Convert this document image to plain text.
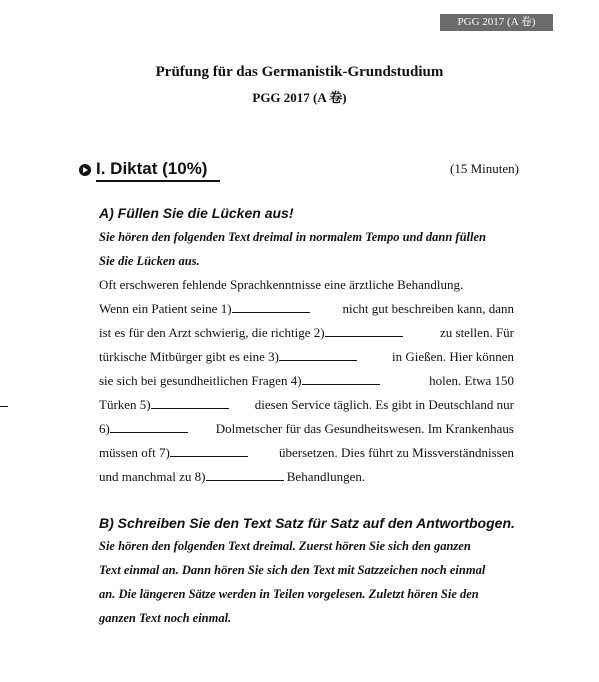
PGG 2017 (A 卷)
Prüfung für das Germanistik-Grundstudium
PGG 2017 (A 卷)
I. Diktat (10%)	(15 Minuten)
A) Füllen Sie die Lücken aus!
Sie hören den folgenden Text dreimal in normalem Tempo und dann füllen
Sie die Lücken aus.
Oft erschweren fehlende Sprachkenntnisse eine ärztliche Behandlung.
Wenn ein Patient seine 1)	nicht gut beschreiben kann, dann
ist es für den Arzt schwierig, die richtige 2)	zu stellen. Für
türkische Mitbürger gibt es eine 3)	in Gießen. Hier können
sie sich bei gesundheitlichen Fragen 4)	holen. Etwa 150
Türken 5)	diesen Service täglich. Es gibt in Deutschland nur
6)	Dolmetscher für das Gesundheitswesen. Im Krankenhaus
müssen oft 7)	übersetzen. Dies führt zu Missverständnissen
und manchmal zu 8)	Behandlungen.
B) Schreiben Sie den Text Satz für Satz auf den Antwortbogen.
Sie hören den folgenden Text dreimal. Zuerst hören Sie sich den ganzen
Text einmal an. Dann hören Sie sich den Text mit Satzzeichen noch einmal
an. Die längeren Sätze werden in Teilen vorgelesen. Zuletzt hören Sie den
ganzen Text noch einmal.
